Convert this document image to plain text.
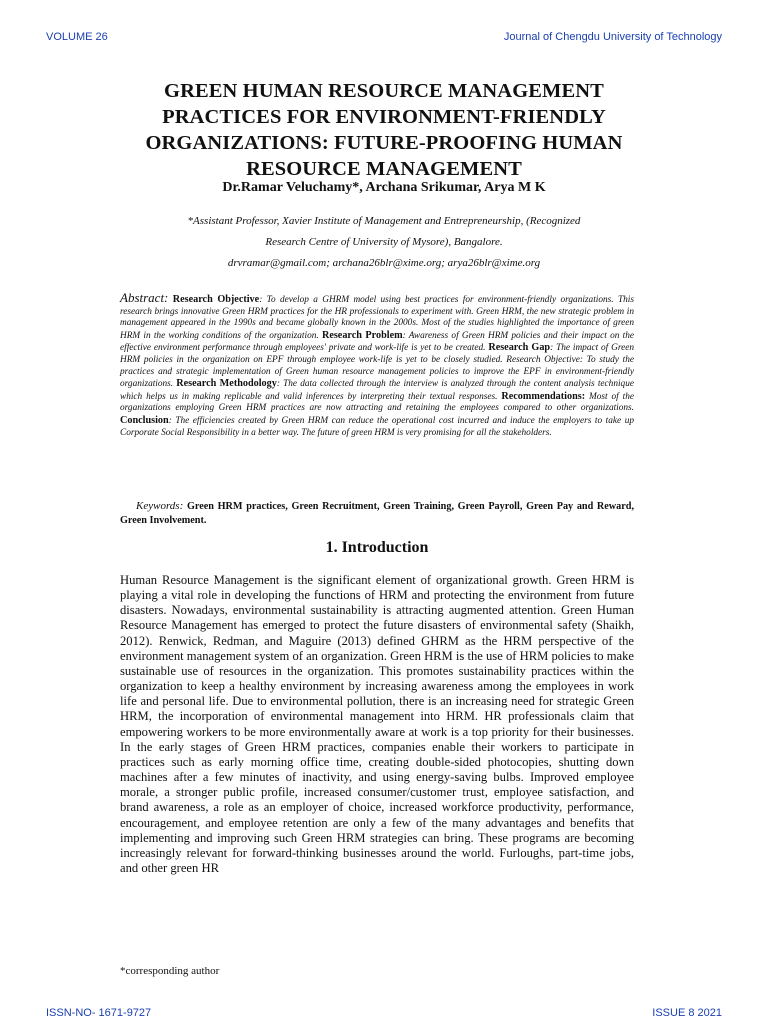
VOLUME 26	Journal of Chengdu University of Technology
GREEN HUMAN RESOURCE MANAGEMENT
PRACTICES FOR ENVIRONMENT-FRIENDLY
ORGANIZATIONS: FUTURE-PROOFING HUMAN
RESOURCE MANAGEMENT

Dr.Ramar Veluchamy*, Archana Srikumar, Arya M K

*Assistant Professor, Xavier Institute of Management and Entrepreneurship, (Recognized
Research Centre of University of Mysore), Bangalore.
drvramar@gmail.com; archana26blr@xime.org; arya26blr@xime.org
Abstract: Research Objective: To develop a GHRM model using best practices for environment-friendly organizations. This research brings innovative Green HRM practices for the HR professionals to experiment with. Green HRM, the new strategic problem in management appeared in the 1990s and became globally known in the 2000s. Most of the studies highlighted the importance of green HRM in the working conditions of the organization. Research Problem: Awareness of Green HRM policies and their impact on the effective environment performance through employees' private and work-life is yet to be created. Research Gap: The impact of Green HRM policies in the organization on EPF through employee work-life is yet to be closely studied. Research Objective: To study the practices and strategic implementation of Green human resource management policies to improve the EPF in environment-friendly organizations. Research Methodology: The data collected through the interview is analyzed through the content analysis technique which helps us in making replicable and valid inferences by interpreting their textual responses. Recommendations: Most of the organizations employing Green HRM practices are now attracting and retaining the employees compared to other organizations. Conclusion: The efficiencies created by Green HRM can reduce the operational cost incurred and induce the employers to take up Corporate Social Responsibility in a better way. The future of green HRM is very promising for all the stakeholders.
Keywords: Green HRM practices, Green Recruitment, Green Training, Green Payroll, Green Pay and Reward, Green Involvement.
1. Introduction

Human Resource Management is the significant element of organizational growth. Green HRM is playing a vital role in developing the functions of HRM and protecting the environment from future disasters. Nowadays, environmental sustainability is attracting augmented attention. Green Human Resource Management has emerged to protect the future disasters of environmental safety (Shaikh, 2012). Renwick, Redman, and Maguire (2013) defined GHRM as the HRM perspective of the environment management system of an organization. Green HRM is the use of HRM policies to make sustainable use of resources in the organization. This promotes sustainability practices within the organization to keep a healthy environment by increasing awareness among the employees in work life and personal life. Due to environmental pollution, there is an increasing need for strategic Green HRM, the incorporation of environmental management into HRM. HR professionals claim that empowering workers to be more environmentally aware at work is a top priority for their businesses. In the early stages of Green HRM practices, companies enable their workers to participate in practices such as early morning office time, creating double-sided photocopies, shutting down machines after a few minutes of inactivity, and using energy-saving bulbs. Improved employee morale, a stronger public profile, increased consumer/customer trust, employee satisfaction, and brand awareness, a role as an employer of choice, increased workforce productivity, performance, encouragement, and employee retention are only a few of the many advantages and benefits that implementing and improving such Green HRM strategies can bring. These programs are becoming increasingly relevant for forward-thinking businesses around the world. Furloughs, part-time jobs, and other green HR

*corresponding author
ISSN-NO- 1671-9727	ISSUE 8 2021
